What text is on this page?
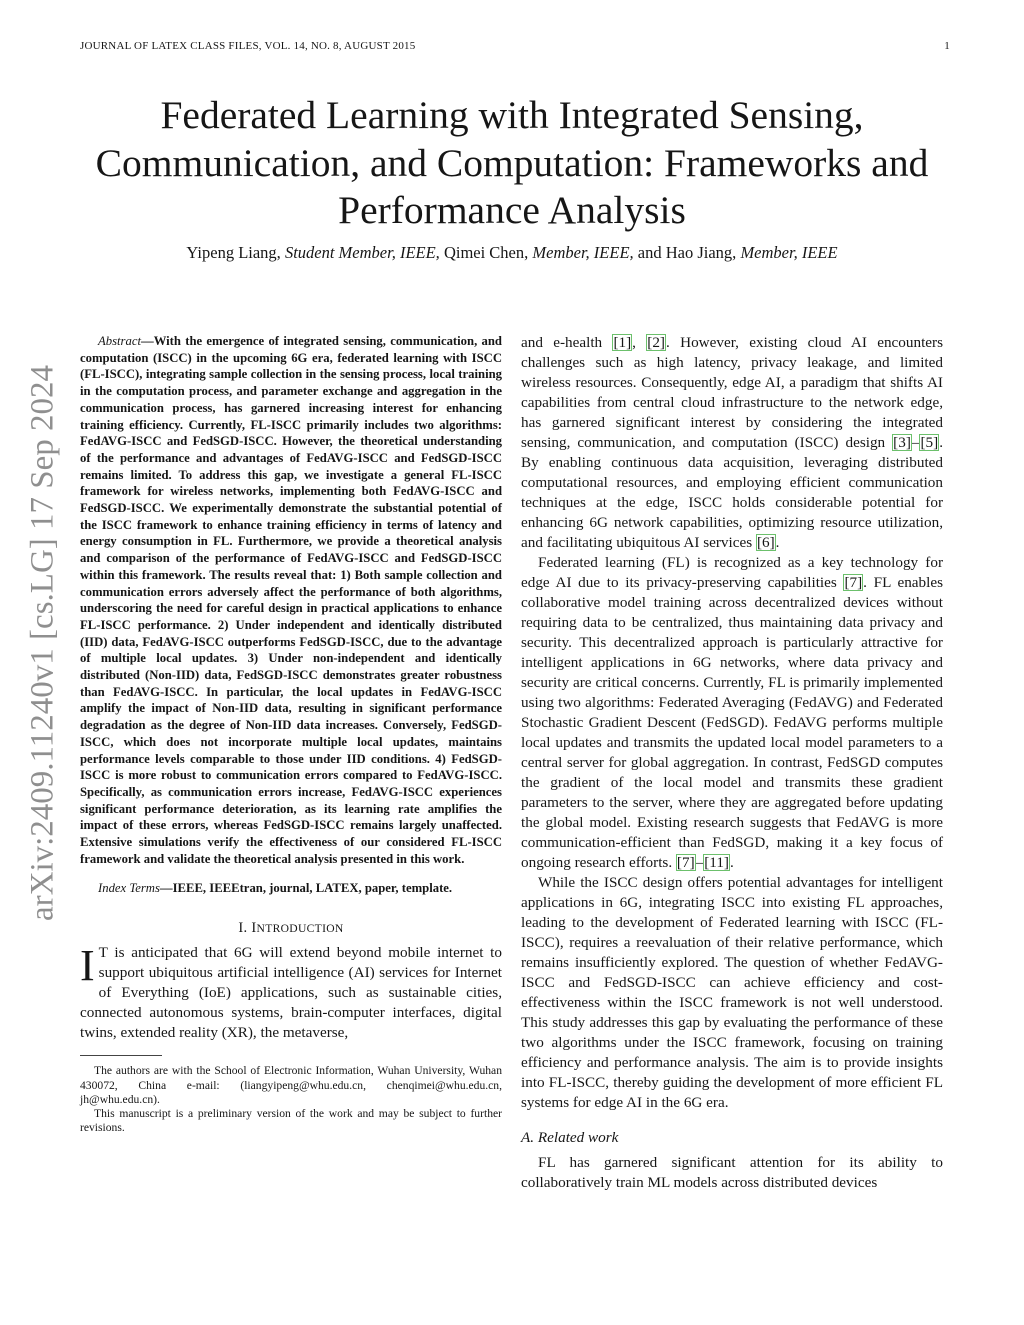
JOURNAL OF LATEX CLASS FILES, VOL. 14, NO. 8, AUGUST 2015	1
Federated Learning with Integrated Sensing,
Communication, and Computation: Frameworks and
Performance Analysis
Yipeng Liang, Student Member, IEEE, Qimei Chen, Member, IEEE, and Hao Jiang, Member, IEEE
arXiv:2409.11240v1 [cs.LG] 17 Sep 2024

Abstract—With the emergence of integrated sensing, communication, and computation (ISCC) in the upcoming 6G era, federated learning with ISCC (FL-ISCC), integrating sample collection in the sensing process, local training in the computation process, and parameter exchange and aggregation in the communication process, has garnered increasing interest for enhancing training efficiency. Currently, FL-ISCC primarily includes two algorithms: FedAVG-ISCC and FedSGD-ISCC. However, the theoretical understanding of the performance and advantages of FedAVG-ISCC and FedSGD-ISCC remains limited. To address this gap, we investigate a general FL-ISCC framework for wireless networks, implementing both FedAVG-ISCC and FedSGD-ISCC. We experimentally demonstrate the substantial potential of the ISCC framework to enhance training efficiency in terms of latency and energy consumption in FL. Furthermore, we provide a theoretical analysis and comparison of the performance of FedAVG-ISCC and FedSGD-ISCC within this framework. The results reveal that: 1) Both sample collection and communication errors adversely affect the performance of both algorithms, underscoring the need for careful design in practical applications to enhance FL-ISCC performance. 2) Under independent and identically distributed (IID) data, FedAVG-ISCC outperforms FedSGD-ISCC, due to the advantage of multiple local updates. 3) Under non-independent and identically distributed (Non-IID) data, FedSGD-ISCC demonstrates greater robustness than FedAVG-ISCC. In particular, the local updates in FedAVG-ISCC amplify the impact of Non-IID data, resulting in significant performance degradation as the degree of Non-IID data increases. Conversely, FedSGD-ISCC, which does not incorporate multiple local updates, maintains performance levels comparable to those under IID conditions. 4) FedSGD-ISCC is more robust to communication errors compared to FedAVG-ISCC. Specifically, as communication errors increase, FedAVG-ISCC experiences significant performance deterioration, as its learning rate amplifies the impact of these errors, whereas FedSGD-ISCC remains largely unaffected. Extensive simulations verify the effectiveness of our considered FL-ISCC framework and validate the theoretical analysis presented in this work.

Index Terms—IEEE, IEEEtran, journal, LATEX, paper, template.

I. INTRODUCTION

I T is anticipated that 6G will extend beyond mobile internet to support ubiquitous artificial intelligence (AI) services for Internet of Everything (IoE) applications, such as sustainable cities, connected autonomous systems, brain-computer interfaces, digital twins, extended reality (XR), the metaverse,

The authors are with the School of Electronic Information, Wuhan University, Wuhan 430072, China e-mail: (liangyipeng@whu.edu.cn, chenqimei@whu.edu.cn, jh@whu.edu.cn).

This manuscript is a preliminary version of the work and may be subject to further revisions.

and e-health [1], [2]. However, existing cloud AI encounters challenges such as high latency, privacy leakage, and limited wireless resources. Consequently, edge AI, a paradigm that shifts AI capabilities from central cloud infrastructure to the network edge, has garnered significant interest by considering the integrated sensing, communication, and computation (ISCC) design [3]–[5]. By enabling continuous data acquisition, leveraging distributed computational resources, and employing efficient communication techniques at the edge, ISCC holds considerable potential for enhancing 6G network capabilities, optimizing resource utilization, and facilitating ubiquitous AI services [6].

Federated learning (FL) is recognized as a key technology for edge AI due to its privacy-preserving capabilities [7]. FL enables collaborative model training across decentralized devices without requiring data to be centralized, thus maintaining data privacy and security. This decentralized approach is particularly attractive for intelligent applications in 6G networks, where data privacy and security are critical concerns. Currently, FL is primarily implemented using two algorithms: Federated Averaging (FedAVG) and Federated Stochastic Gradient Descent (FedSGD). FedAVG performs multiple local updates and transmits the updated local model parameters to a central server for global aggregation. In contrast, FedSGD computes the gradient of the local model and transmits these gradient parameters to the server, where they are aggregated before updating the global model. Existing research suggests that FedAVG is more communication-efficient than FedSGD, making it a key focus of ongoing research efforts. [7]–[11].

While the ISCC design offers potential advantages for intelligent applications in 6G, integrating ISCC into existing FL approaches, leading to the development of Federated learning with ISCC (FL-ISCC), requires a reevaluation of their relative performance, which remains insufficiently explored. The question of whether FedAVG-ISCC and FedSGD-ISCC can achieve efficiency and cost-effectiveness within the ISCC framework is not well understood. This study addresses this gap by evaluating the performance of these two algorithms under the ISCC framework, focusing on training efficiency and performance analysis. The aim is to provide insights into FL-ISCC, thereby guiding the development of more efficient FL systems for edge AI in the 6G era.

A. Related work

FL has garnered significant attention for its ability to collaboratively train ML models across distributed devices
